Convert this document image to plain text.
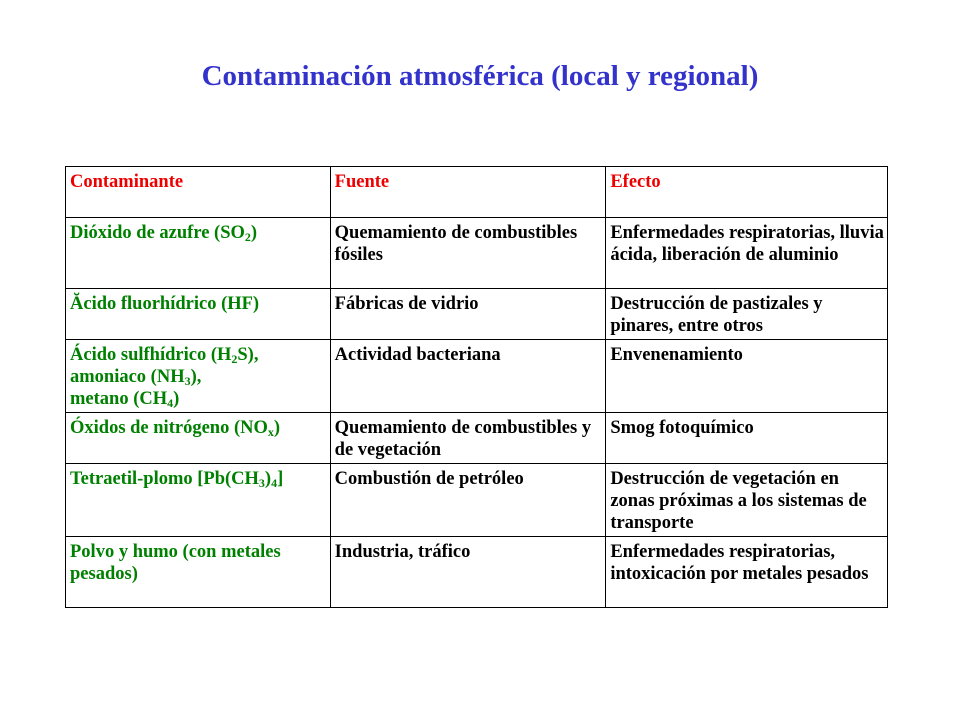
Contaminación atmosférica (local y regional)
Contaminante	Fuente	Efecto
Dióxido de azufre $(SO_2)$	Quemamiento de combustibles fósiles	Enfermedades respiratorias, lluvia ácida, liberación de aluminio
Ăcido fluorhídrico (HF)	Fábricas de vidrio	Destrucción de pastizales y pinares, entre otros
Ácido sulfhídrico $(H_2S)$,
amoniaco $(NH_3)$,
metano $(CH_4)$	Actividad bacteriana	Envenenamiento
Óxidos de nitrógeno $(NO_x)$	Quemamiento de combustibles y de vegetación	Smog fotoquímico
Tetraetil-plomo $[Pb(CH_3)_4]$	Combustión de petróleo	Destrucción de vegetación en zonas próximas a los sistemas de transporte
Polvo y humo (con metales pesados)	Industria, tráfico	Enfermedades respiratorias, intoxicación por metales pesados
